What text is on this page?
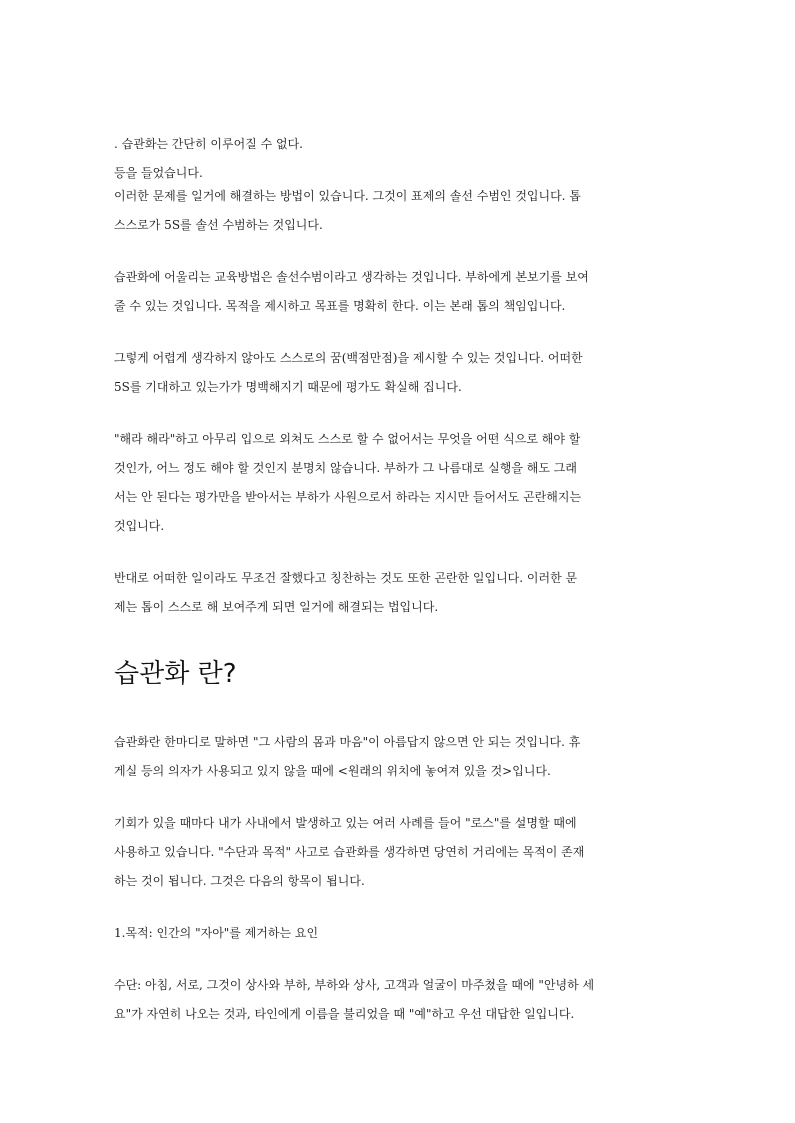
. 습관화는 간단히 이루어질 수 없다.
등을 들었습니다.
이러한 문제를 일거에 해결하는 방법이 있습니다. 그것이 표제의 솔선 수범인 것입니다. 톱
스스로가 5S를 솔선 수범하는 것입니다.
습관화에 어울리는 교육방법은 솔선수범이라고 생각하는 것입니다. 부하에게 본보기를 보여
줄 수 있는 것입니다. 목적을 제시하고 목표를 명확히 한다. 이는 본래 톱의 책임입니다.
그렇게 어렵게 생각하지 않아도 스스로의 꿈(백점만점)을 제시할 수 있는 것입니다. 어떠한
5S를 기대하고 있는가가 명백해지기 때문에 평가도 확실해 집니다.
"해라 해라"하고 아무리 입으로 외쳐도 스스로 할 수 없어서는 무엇을 어떤 식으로 해야 할
것인가, 어느 정도 해야 할 것인지 분명치 않습니다. 부하가 그 나름대로 실행을 해도 그래
서는 안 된다는 평가만을 받아서는 부하가 사원으로서 하라는 지시만 들어서도 곤란해지는
것입니다.
반대로 어떠한 일이라도 무조건 잘했다고 칭찬하는 것도 또한 곤란한 일입니다. 이러한 문
제는 톱이 스스로 해 보여주게 되면 일거에 해결되는 법입니다.
습관화 란?
습관화란 한마디로 말하면 "그 사람의 몸과 마음"이 아름답지 않으면 안 되는 것입니다. 휴
게실 등의 의자가 사용되고 있지 않을 때에 <원래의 위치에 놓여져 있을 것>입니다.
기회가 있을 때마다 내가 사내에서 발생하고 있는 여러 사례를 들어 "로스"를 설명할 때에
사용하고 있습니다. "수단과 목적" 사고로 습관화를 생각하면 당연히 거리에는 목적이 존재
하는 것이 됩니다. 그것은 다음의 항목이 됩니다.
1.목적: 인간의 "자아"를 제거하는 요인
수단: 아침, 서로, 그것이 상사와 부하, 부하와 상사, 고객과 얼굴이 마주쳤을 때에 "안녕하 세
요"가 자연히 나오는 것과, 타인에게 이름을 불리었을 때 "예"하고 우선 대답한 일입니다.
